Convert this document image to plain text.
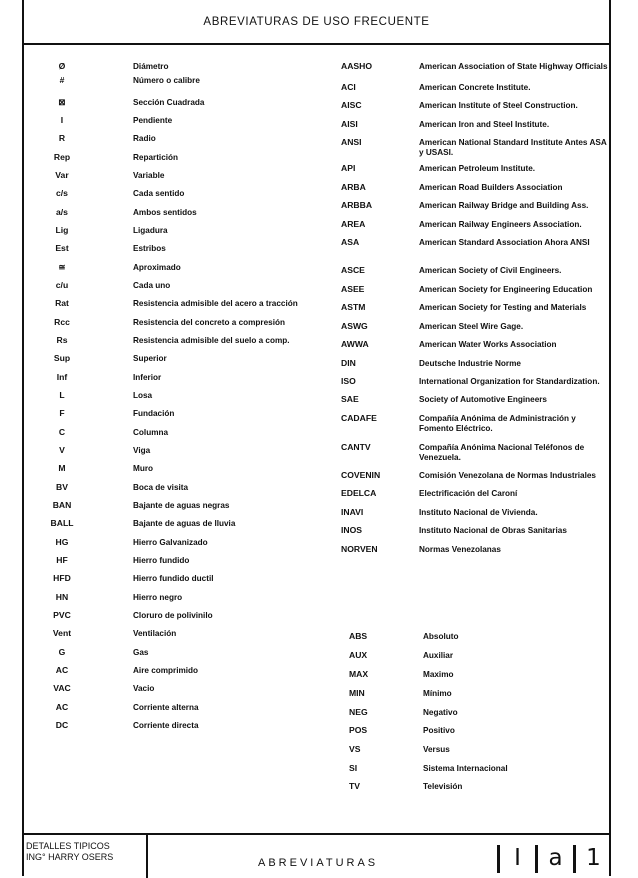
ABREVIATURAS DE USO FRECUENTE
Ø	Diámetro
#	Número o calibre
⊠	Sección Cuadrada
I	Pendiente
R	Radio
Rep	Repartición
Var	Variable
c/s	Cada sentido
a/s	Ambos sentidos
Lig	Ligadura
Est	Estribos
≅	Aproximado
c/u	Cada uno
Rat	Resistencia admisible del acero a tracción
Rcc	Resistencia del concreto a compresión
Rs	Resistencia admisible del suelo a comp.
Sup	Superior
Inf	Inferior
L	Losa
F	Fundación
C	Columna
V	Viga
M	Muro
BV	Boca de visita
BAN	Bajante de aguas negras
BALL	Bajante de aguas de lluvia
HG	Hierro Galvanizado
HF	Hierro fundido
HFD	Hierro fundido ductil
HN	Hierro negro
PVC	Cloruro de polivinilo
Vent	Ventilación
G	Gas
AC	Aire comprimido
VAC	Vacio
AC	Corriente alterna
DC	Corriente directa
AASHO	American Association of State Highway Officials
ACI	American Concrete Institute.
AISC	American Institute of Steel Construction.
AISI	American Iron and Steel Institute.
ANSI	American National Standard Institute Antes ASA y USASI.
API	American Petroleum Institute.
ARBA	American Road Builders Association
ARBBA	American Railway Bridge and Building Ass.
AREA	American Railway Engineers Association.
ASA	American Standard Association Ahora ANSI
ASCE	American Society of Civil Engineers.
ASEE	American Society for Engineering Education
ASTM	American Society for Testing and Materials
ASWG	American Steel Wire Gage.
AWWA	American Water Works Association
DIN	Deutsche Industrie Norme
ISO	International Organization for Standardization.
SAE	Society of Automotive Engineers
CADAFE	Compañía Anónima de Administración y Fomento Eléctrico.
CANTV	Compañía Anónima Nacional Teléfonos de Venezuela.
COVENIN	Comisión Venezolana de Normas Industriales
EDELCA	Electrificación del Caroní
INAVI	Instituto Nacional de Vivienda.
INOS	Instituto Nacional de Obras Sanitarias
NORVEN	Normas Venezolanas
ABS	Absoluto
AUX	Auxiliar
MAX	Maximo
MIN	Mínimo
NEG	Negativo
POS	Positivo
VS	Versus
SI	Sistema Internacional
TV	Televisión
DETALLES TIPICOS
ING° HARRY OSERS	ABREVIATURAS	I	a	1
